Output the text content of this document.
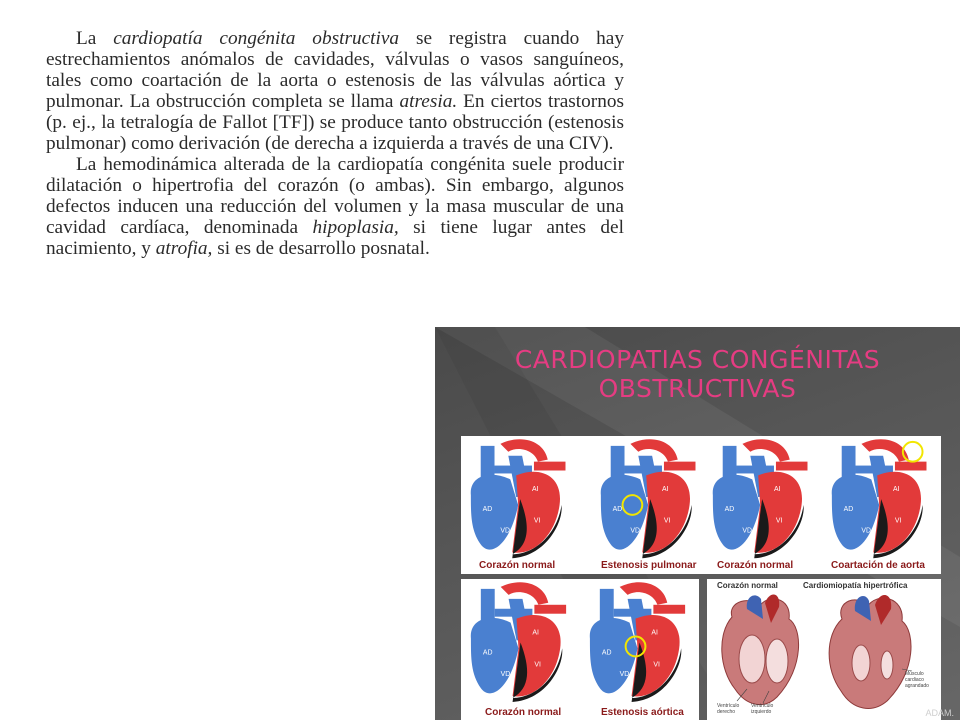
La cardiopatía congénita obstructiva se registra cuando hay estrechamientos anómalos de cavidades, válvulas o vasos sanguíneos, tales como coartación de la aorta o estenosis de las válvulas aórtica y pulmonar. La obstrucción completa se llama atresia. En ciertos trastornos (p. ej., la tetralogía de Fallot [TF]) se produce tanto obstrucción (estenosis pulmonar) como derivación (de derecha a izquierda a través de una CIV).

La hemodinámica alterada de la cardiopatía congénita suele producir dilatación o hipertrofia del corazón (o ambas). Sin embargo, algunos defectos inducen una reducción del volumen y la masa muscular de una cavidad cardíaca, denominada hipoplasia, si tiene lugar antes del nacimiento, y atrofia, si es de desarrollo posnatal.

CARDIOPATIAS CONGÉNITAS
OBSTRUCTIVAS
AD
AI
VD
VI
AD
AI
VD
VI
Corazón normal	Estenosis pulmonar
AD
AI
VD
VI
AD
AI
VD
VI
Corazón normal	Coartación de aorta
AD
AI
VD
VI
AD
AI
VD
VI
Corazón normal	Estenosis aórtica
Corazón normal	Cardiomiopatía hipertrófica
Ventrículo derecho
Ventrículo izquierdo
Músculo cardiaco agrandado
ADAM.
